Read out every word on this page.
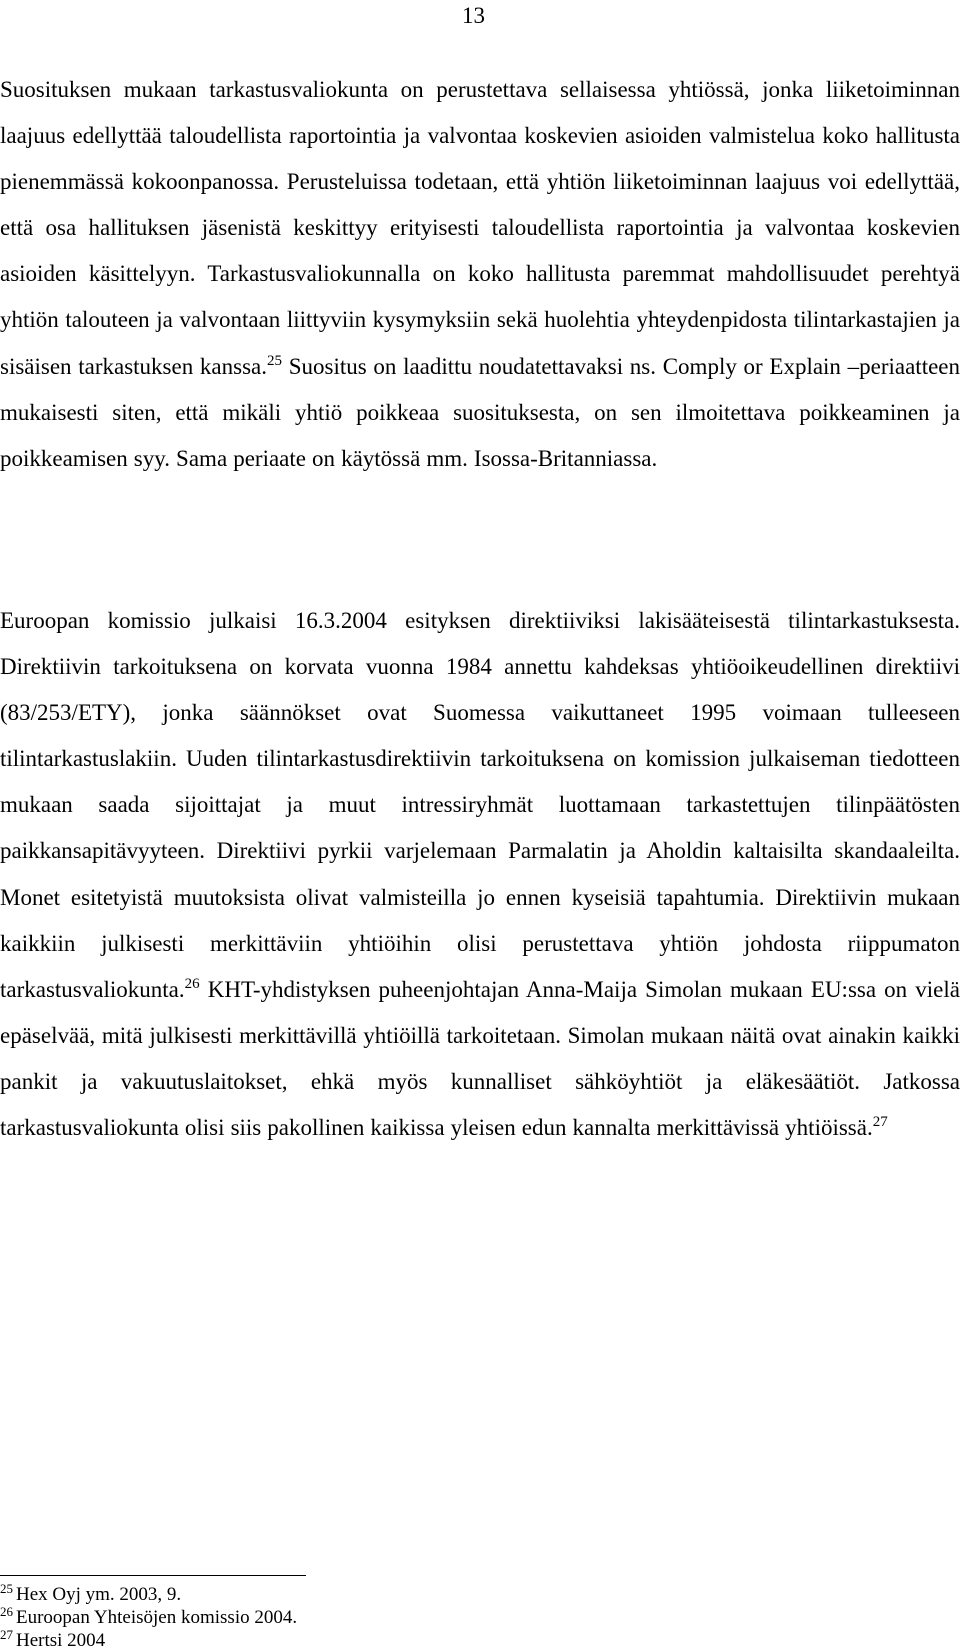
13

Suosituksen mukaan tarkastusvaliokunta on perustettava sellaisessa yhtiössä, jonka liiketoiminnan laajuus edellyttää taloudellista raportointia ja valvontaa koskevien asioiden valmistelua koko hallitusta pienemmässä kokoonpanossa. Perusteluissa todetaan, että yhtiön liiketoiminnan laajuus voi edellyttää, että osa hallituksen jäsenistä keskittyy erityisesti taloudellista raportointia ja valvontaa koskevien asioiden käsittelyyn. Tarkastusvaliokunnalla on koko hallitusta paremmat mahdollisuudet perehtyä yhtiön talouteen ja valvontaan liittyviin kysymyksiin sekä huolehtia yhteydenpidosta tilintarkastajien ja sisäisen tarkastuksen kanssa.$^{25}$ Suositus on laadittu noudatettavaksi ns. Comply or Explain –periaatteen mukaisesti siten, että mikäli yhtiö poikkeaa suosituksesta, on sen ilmoitettava poikkeaminen ja poikkeamisen syy. Sama periaate on käytössä mm. Isossa-Britanniassa.

Euroopan komissio julkaisi 16.3.2004 esityksen direktiiviksi lakisääteisestä tilintarkastuksesta. Direktiivin tarkoituksena on korvata vuonna 1984 annettu kahdeksas yhtiöoikeudellinen direktiivi (83/253/ETY), jonka säännökset ovat Suomessa vaikuttaneet 1995 voimaan tulleeseen tilintarkastuslakiin. Uuden tilintarkastusdirektiivin tarkoituksena on komission julkaiseman tiedotteen mukaan saada sijoittajat ja muut intressiryhmät luottamaan tarkastettujen tilinpäätösten paikkansapitävyyteen. Direktiivi pyrkii varjelemaan Parmalatin ja Aholdin kaltaisilta skandaaleilta. Monet esitetyistä muutoksista olivat valmisteilla jo ennen kyseisiä tapahtumia. Direktiivin mukaan kaikkiin julkisesti merkittäviin yhtiöihin olisi perustettava yhtiön johdosta riippumaton tarkastusvaliokunta.$^{26}$ KHT-yhdistyksen puheenjohtajan Anna-Maija Simolan mukaan EU:ssa on vielä epäselvää, mitä julkisesti merkittävillä yhtiöillä tarkoitetaan. Simolan mukaan näitä ovat ainakin kaikki pankit ja vakuutuslaitokset, ehkä myös kunnalliset sähköyhtiöt ja eläkesäätiöt. Jatkossa tarkastusvaliokunta olisi siis pakollinen kaikissa yleisen edun kannalta merkittävissä yhtiöissä.$^{27}$

$^{25}$ Hex Oyj ym. 2003, 9.
$^{26}$ Euroopan Yhteisöjen komissio 2004.
$^{27}$ Hertsi 2004
